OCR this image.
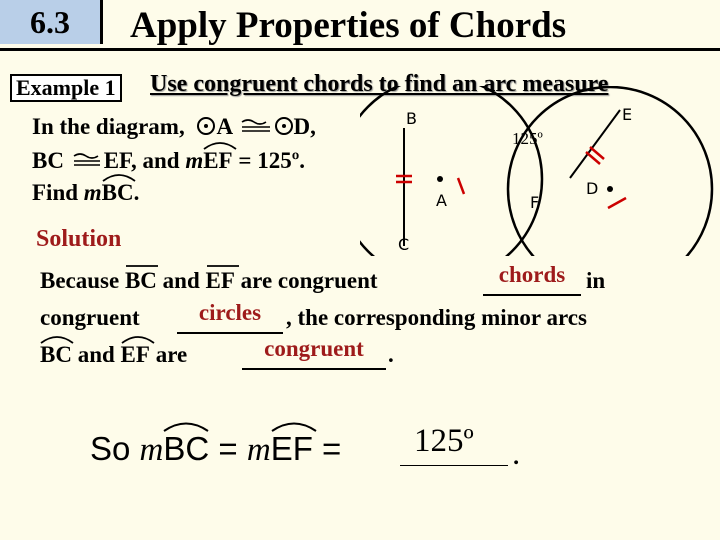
6.3	Apply Properties of Chords
Example 1 Use congruent chords to find an arc measure
In the diagram, A	D,
BC EF, and m
EF = 125º.
Find m
BC.
B
A
C
E
D
F
125º
Solution
Because BC and EF are congruent	chords in
congruent	circles	, the corresponding minor arcs
BC and EF are	congruent	.
So m
BC = m
EF = 125º .
